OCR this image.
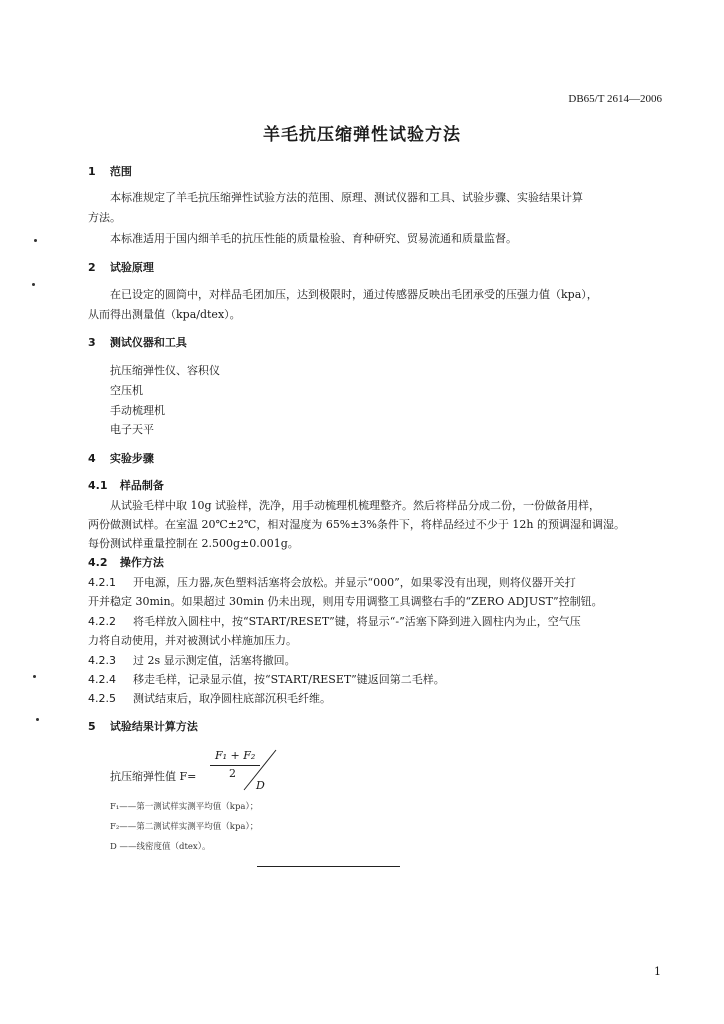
DB65/T 2614—2006
羊毛抗压缩弹性试验方法
1 范围
本标准规定了羊毛抗压缩弹性试验方法的范围、原理、测试仪器和工具、试验步骤、实验结果计算
方法。
本标准适用于国内细羊毛的抗压性能的质量检验、育种研究、贸易流通和质量监督。
2 试验原理
在已设定的圆筒中，对样品毛团加压，达到极限时，通过传感器反映出毛团承受的压强力值（kpa），
从而得出测量值（kpa/dtex）。
3 测试仪器和工具
抗压缩弹性仪、容积仪
空压机
手动梳理机
电子天平
4 实验步骤
4.1 样品制备
从试验毛样中取 10g 试验样，洗净，用手动梳理机梳理整齐。然后将样品分成二份，一份做备用样，
两份做测试样。在室温 20℃±2℃，相对湿度为 65%±3%条件下，将样品经过不少于 12h 的预调湿和调湿。
每份测试样重量控制在 2.500g±0.001g。
4.2 操作方法
4.2.1 开电源，压力器,灰色塑料活塞将会放松。并显示“000”，如果零没有出现，则将仪器开关打
开并稳定 30min。如果超过 30min 仍未出现，则用专用调整工具调整右手的“ZERO ADJUST”控制钮。
4.2.2 将毛样放入圆柱中，按“START/RESET”键，将显示“-”活塞下降到进入圆柱内为止，空气压
力将自动使用，并对被测试小样施加压力。
4.2.3 过 2s 显示测定值，活塞将撤回。
4.2.4 移走毛样，记录显示值，按“START/RESET”键返回第二毛样。
4.2.5 测试结束后，取净圆柱底部沉积毛纤维。
5 试验结果计算方法
F₁ + F₂
2
D
抗压缩弹性值 F=
F₁——第一测试样实测平均值（kpa）；
F₂——第二测试样实测平均值（kpa）；
D ——线密度值（dtex）。
1
